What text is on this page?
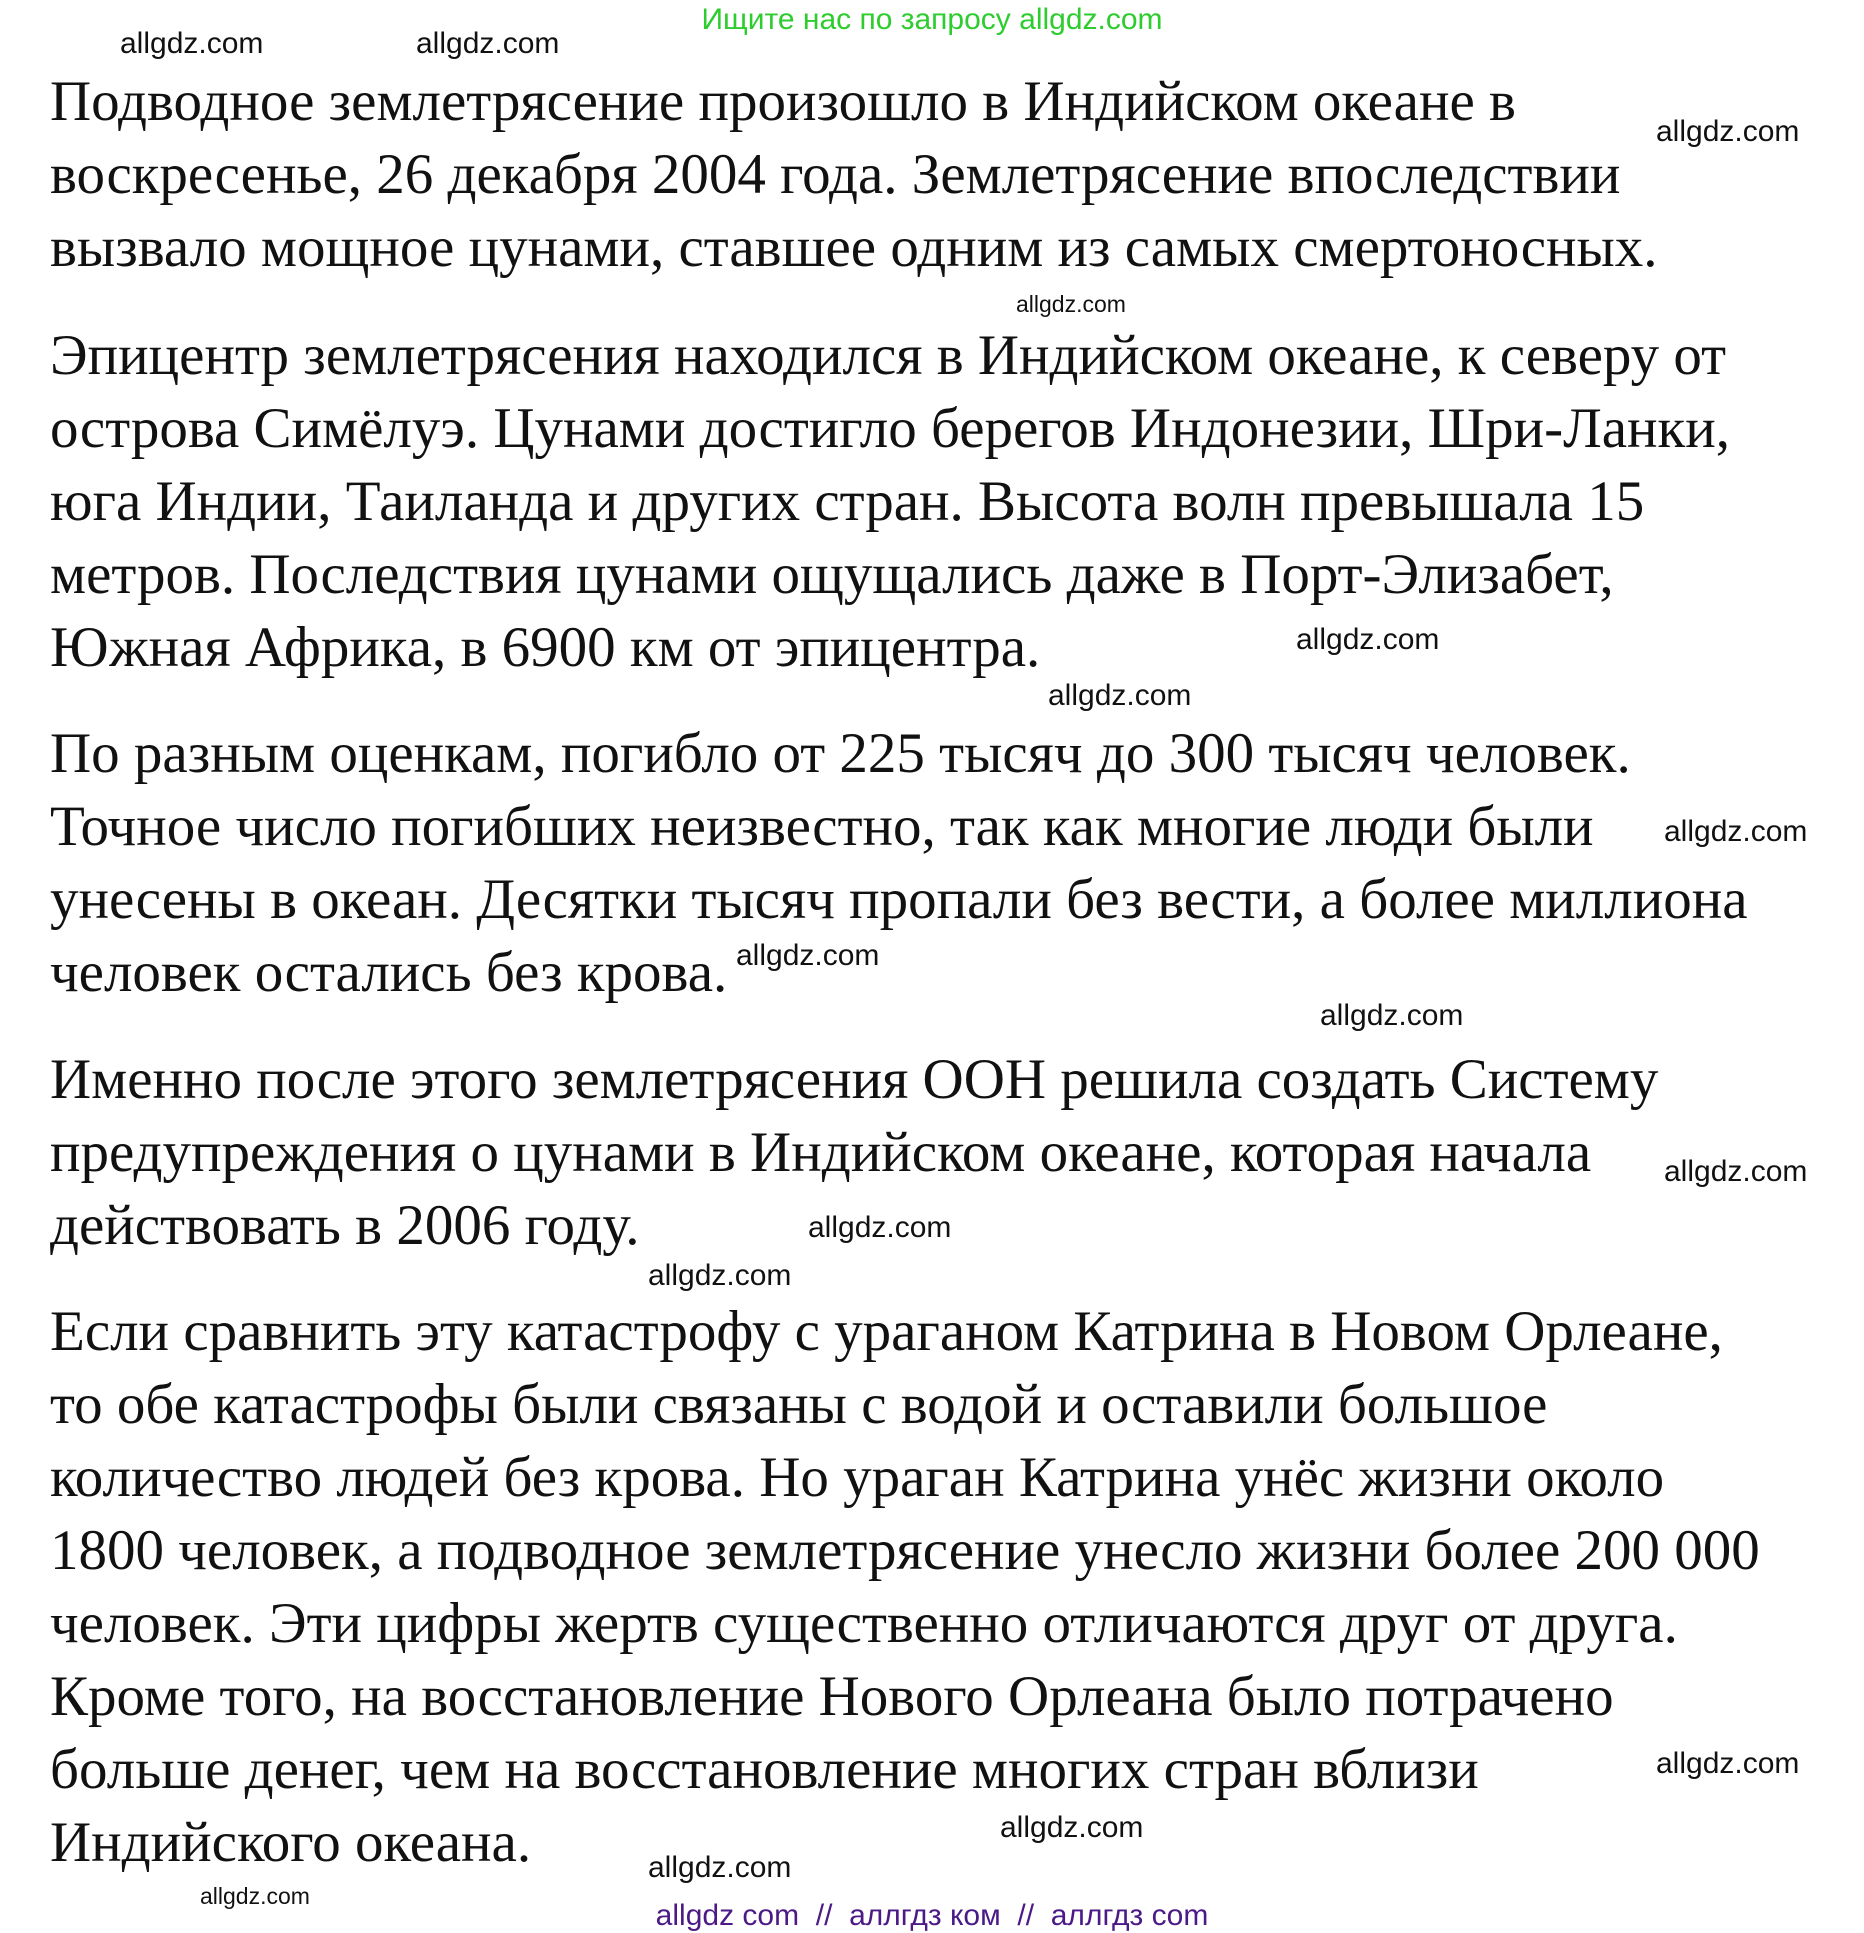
Ищите нас по запросу allgdz.com
Подводное землетрясение произошло в Индийском океане в
воскресенье, 26 декабря 2004 года. Землетрясение впоследствии
вызвало мощное цунами, ставшее одним из самых смертоносных.
Эпицентр землетрясения находился в Индийском океане, к северу от
острова Симёлуэ. Цунами достигло берегов Индонезии, Шри-Ланки,
юга Индии, Таиланда и других стран. Высота волн превышала 15
метров. Последствия цунами ощущались даже в Порт-Элизабет,
Южная Африка, в 6900 км от эпицентра.
По разным оценкам, погибло от 225 тысяч до 300 тысяч человек.
Точное число погибших неизвестно, так как многие люди были
унесены в океан. Десятки тысяч пропали без вести, а более миллиона
человек остались без крова.
Именно после этого землетрясения ООН решила создать Систему
предупреждения о цунами в Индийском океане, которая начала
действовать в 2006 году.
Если сравнить эту катастрофу с ураганом Катрина в Новом Орлеане,
то обе катастрофы были связаны с водой и оставили большое
количество людей без крова. Но ураган Катрина унёс жизни около
1800 человек, а подводное землетрясение унесло жизни более 200 000
человек. Эти цифры жертв существенно отличаются друг от друга.
Кроме того, на восстановление Нового Орлеана было потрачено
больше денег, чем на восстановление многих стран вблизи
Индийского океана.
allgdz.com
allgdz.com
allgdz.com
allgdz.com
allgdz.com
allgdz.com
allgdz.com
allgdz.com
allgdz.com
allgdz.com
allgdz.com
allgdz.com
allgdz.com
allgdz.com
allgdz.com
allgdz.com
allgdz com  //  аллгдз ком  //  аллгдз com
